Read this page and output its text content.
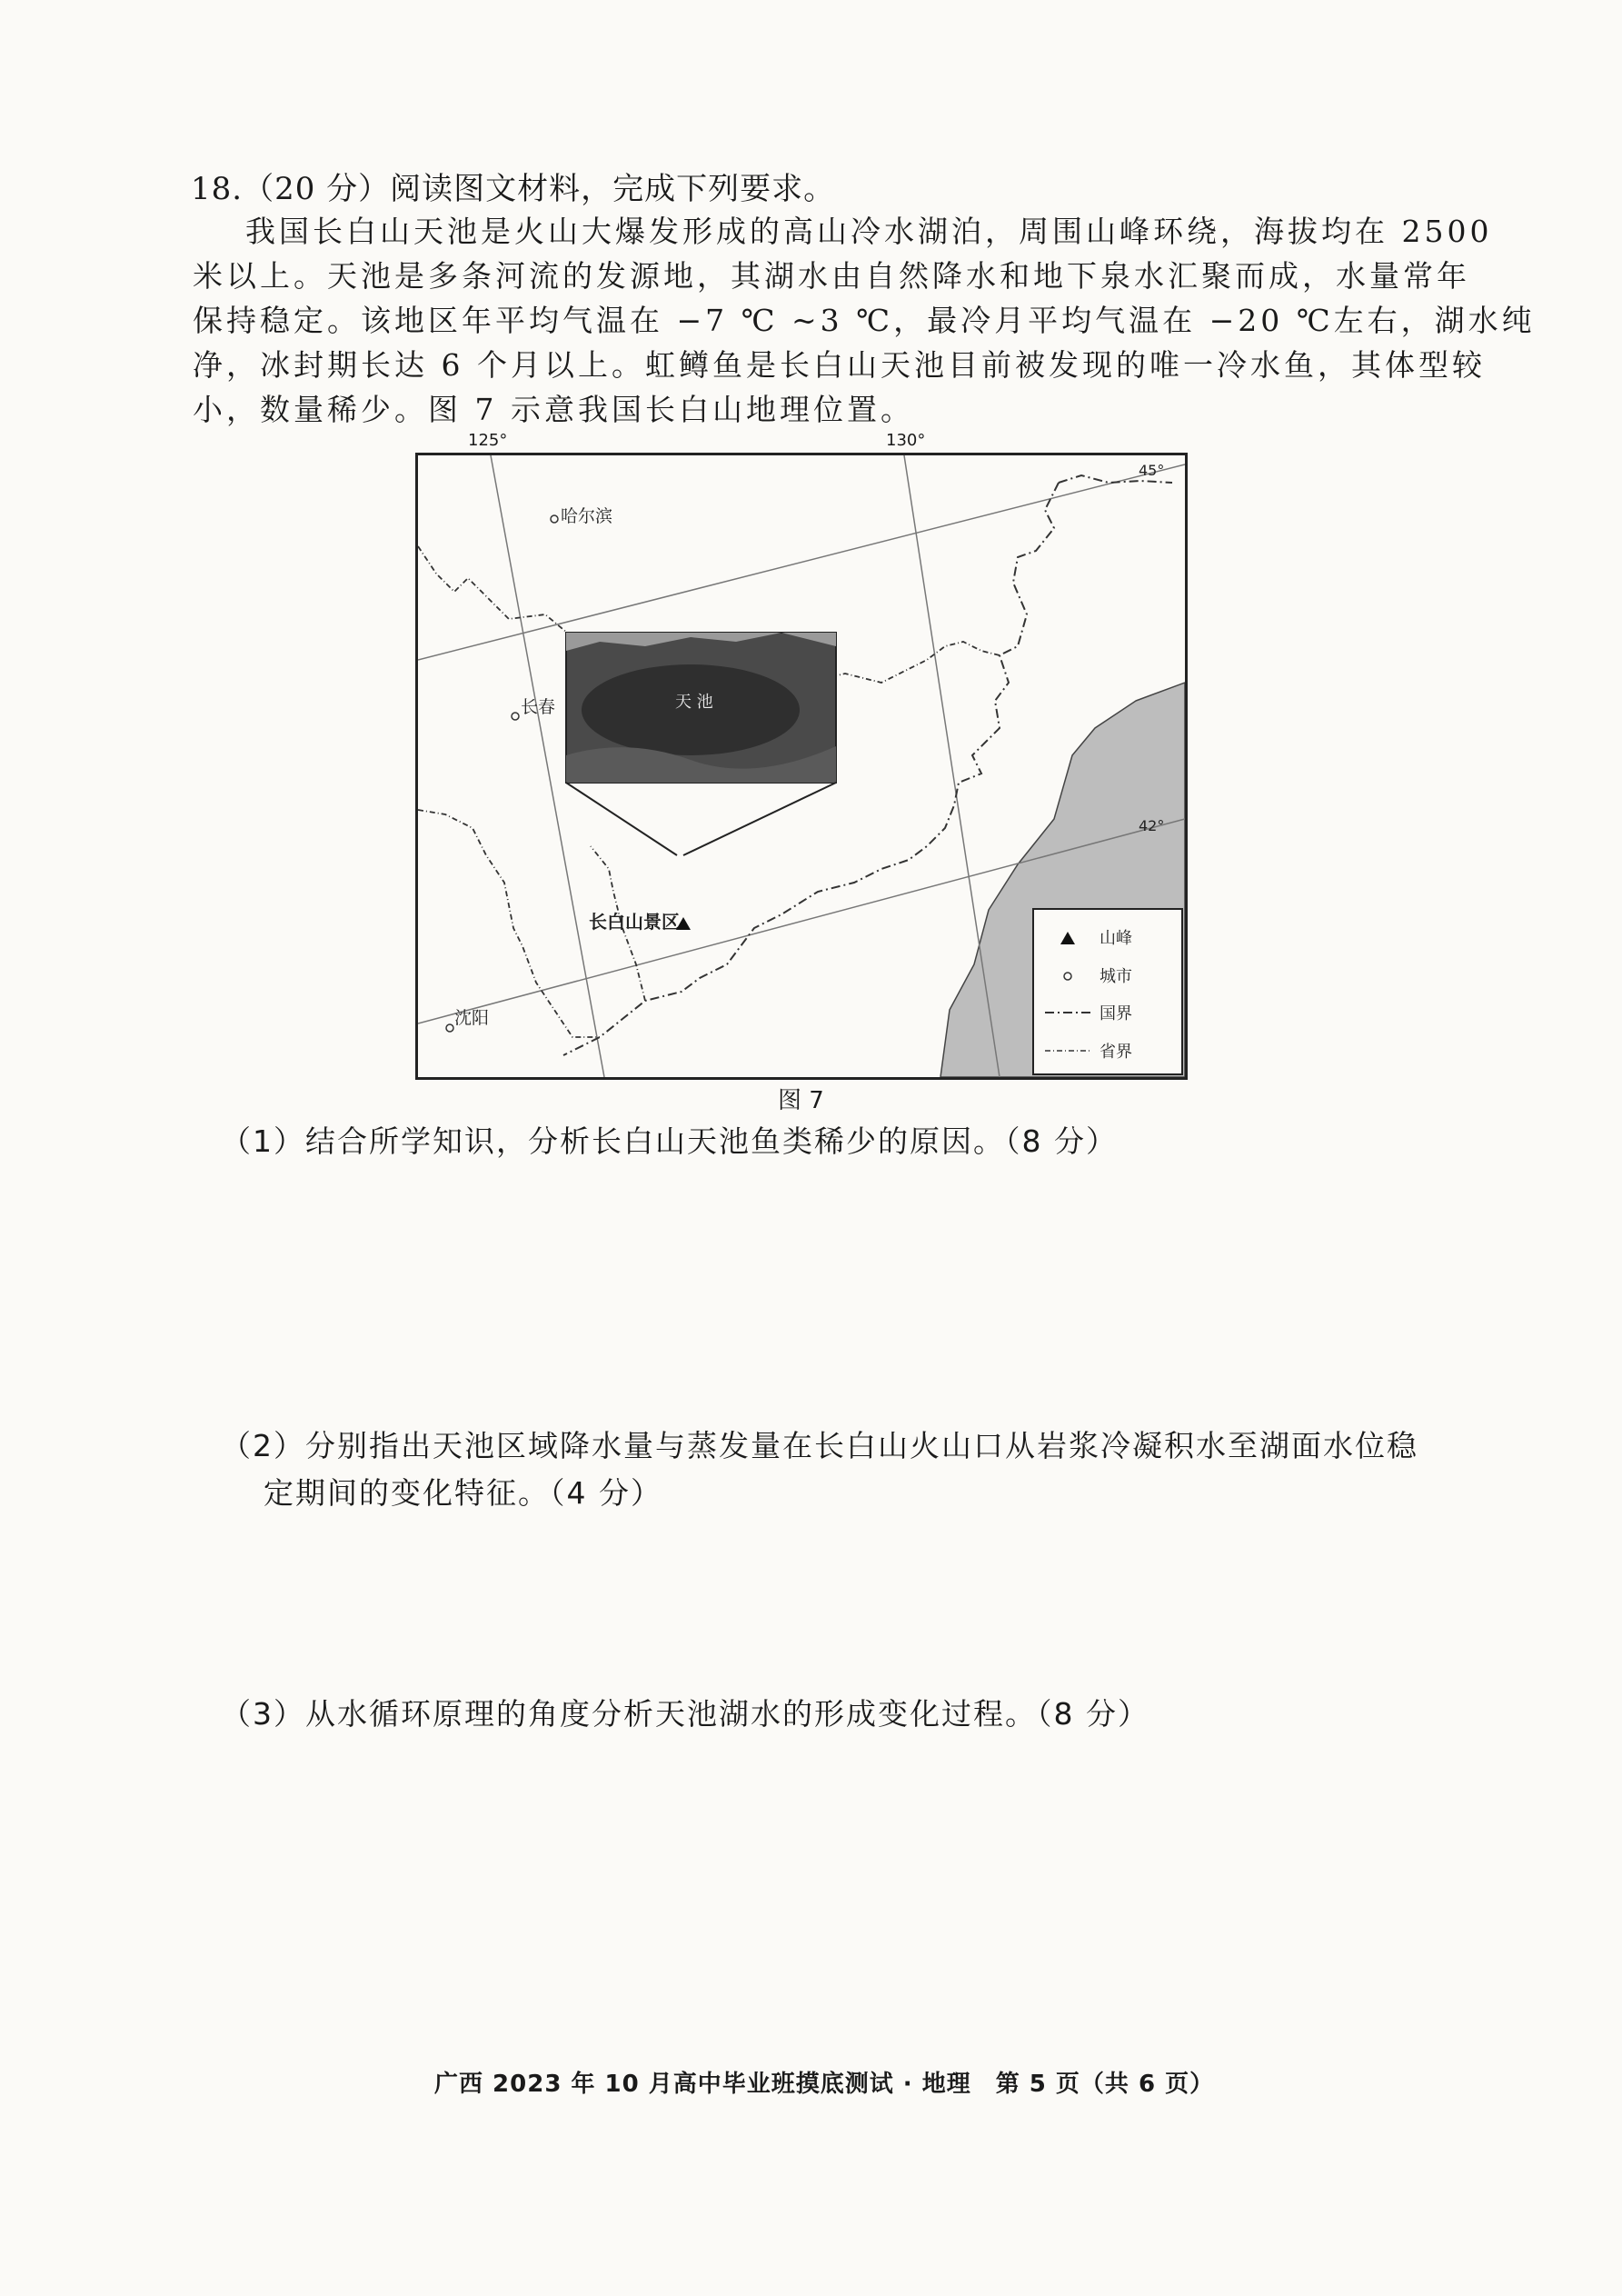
18.（20 分）阅读图文材料，完成下列要求。
我国长白山天池是火山大爆发形成的高山冷水湖泊，周围山峰环绕，海拔均在 2500
米以上。天池是多条河流的发源地，其湖水由自然降水和地下泉水汇聚而成，水量常年
保持稳定。该地区年平均气温在 −7 ℃ ~3 ℃，最冷月平均气温在 −20 ℃左右，湖水纯
净，冰封期长达 6 个月以上。虹鳟鱼是长白山天池目前被发现的唯一冷水鱼，其体型较
小，数量稀少。图 7 示意我国长白山地理位置。
125°	130°
天 池
哈尔滨
长春
沈阳
长白山景区
45°
42°
山峰
城市
国界
省界
图 7
（1）结合所学知识，分析长白山天池鱼类稀少的原因。（8 分）
（2）分别指出天池区域降水量与蒸发量在长白山火山口从岩浆冷凝积水至湖面水位稳
定期间的变化特征。（4 分）
（3）从水循环原理的角度分析天池湖水的形成变化过程。（8 分）
广西 2023 年 10 月高中毕业班摸底测试 · 地理　第 5 页（共 6 页）
